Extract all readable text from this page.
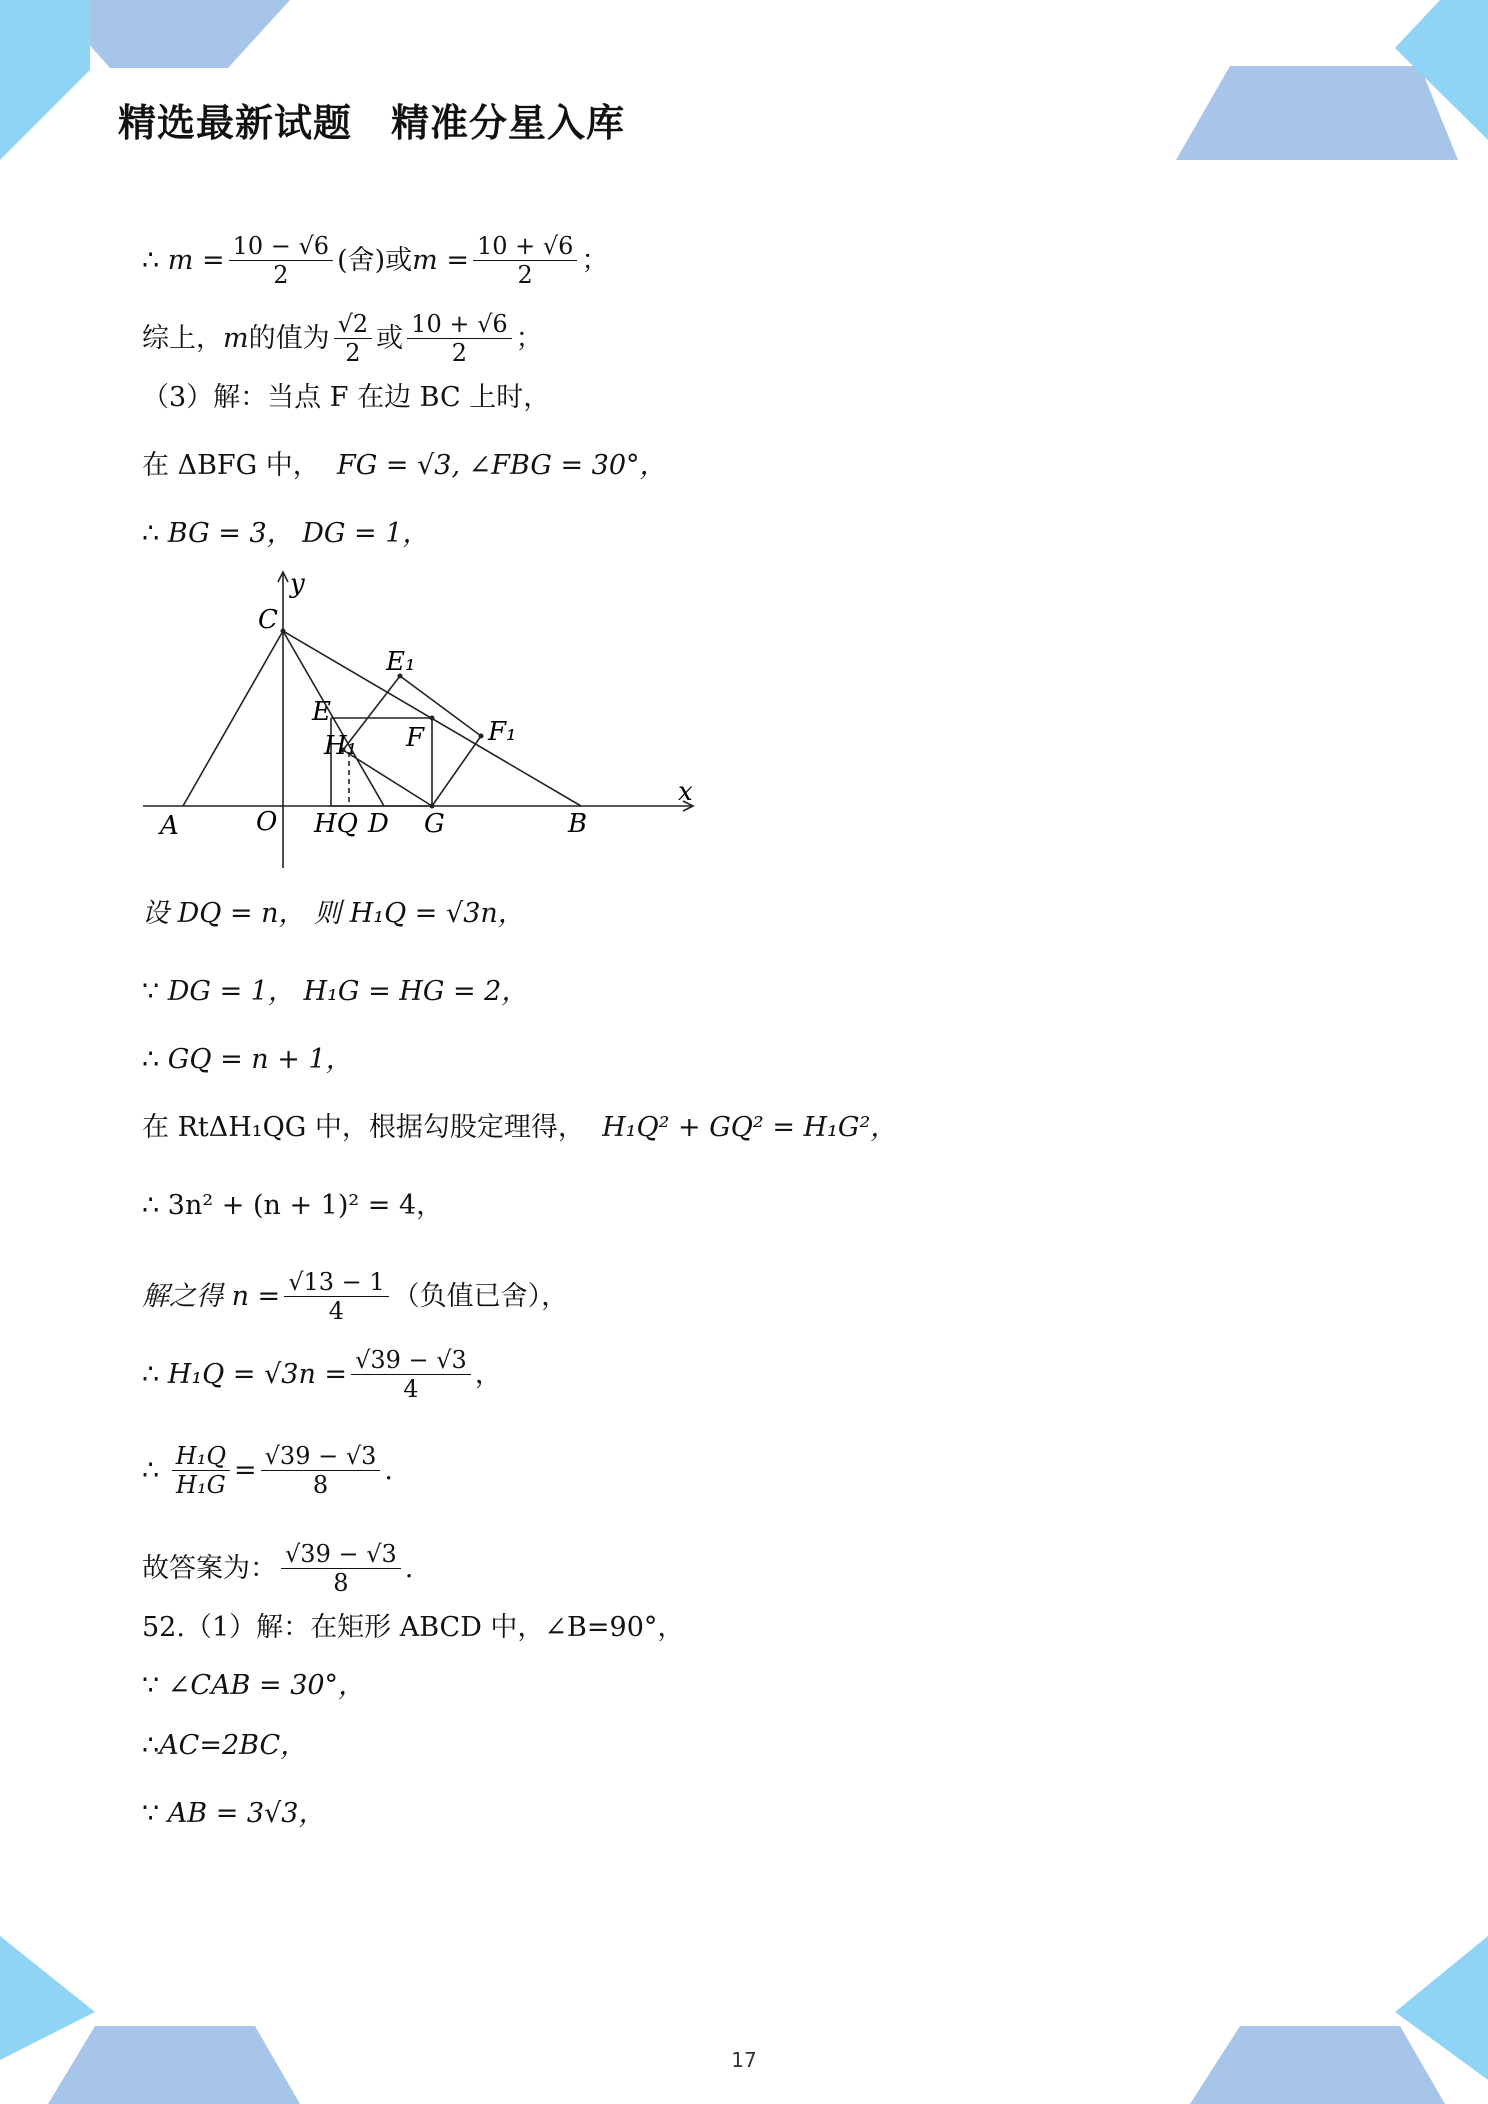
精选最新试题　精准分星入库
∴
$m = \frac{10 - √6}{2}$ (舍)或 $m = \frac{10 + √6}{2}$ ；
综上， m 的值为 $\frac{√2}{2}$ 或 $\frac{10 + √6}{2}$ ；
（3）解：当点 F 在边 BC 上时，
在 ΔBFG 中，
FG = √3, ∠FBG = 30°，
∴
BG = 3， DG = 1，
y
x
C
E₁
E
F F₁
H₁
A	O HQ D G	B
设 DQ = n， 则 H₁Q = √3n，
∵
DG = 1， H₁G = HG = 2，
∴
GQ = n + 1，
在 RtΔH₁QG 中，根据勾股定理得，
H₁Q² + GQ² = H₁G²，
∴
3n² + (n + 1)² = 4，
解之得 $n = \frac{√13 - 1}{4}$ （负值已舍），
∴
$H_1Q = √3n = \frac{√39 - √3}{4}$ ，
∴
$\frac{\text{H₁Q}}{\text{H₁G}} = \frac{√39 - √3}{8}$ .
故答案为： $\frac{√39 - √3}{8}$ .
52.（1）解：在矩形 ABCD 中，∠B=90°，
∵
∠CAB = 30°，
∴ AC=2BC，
∵
AB = 3√3，
17
